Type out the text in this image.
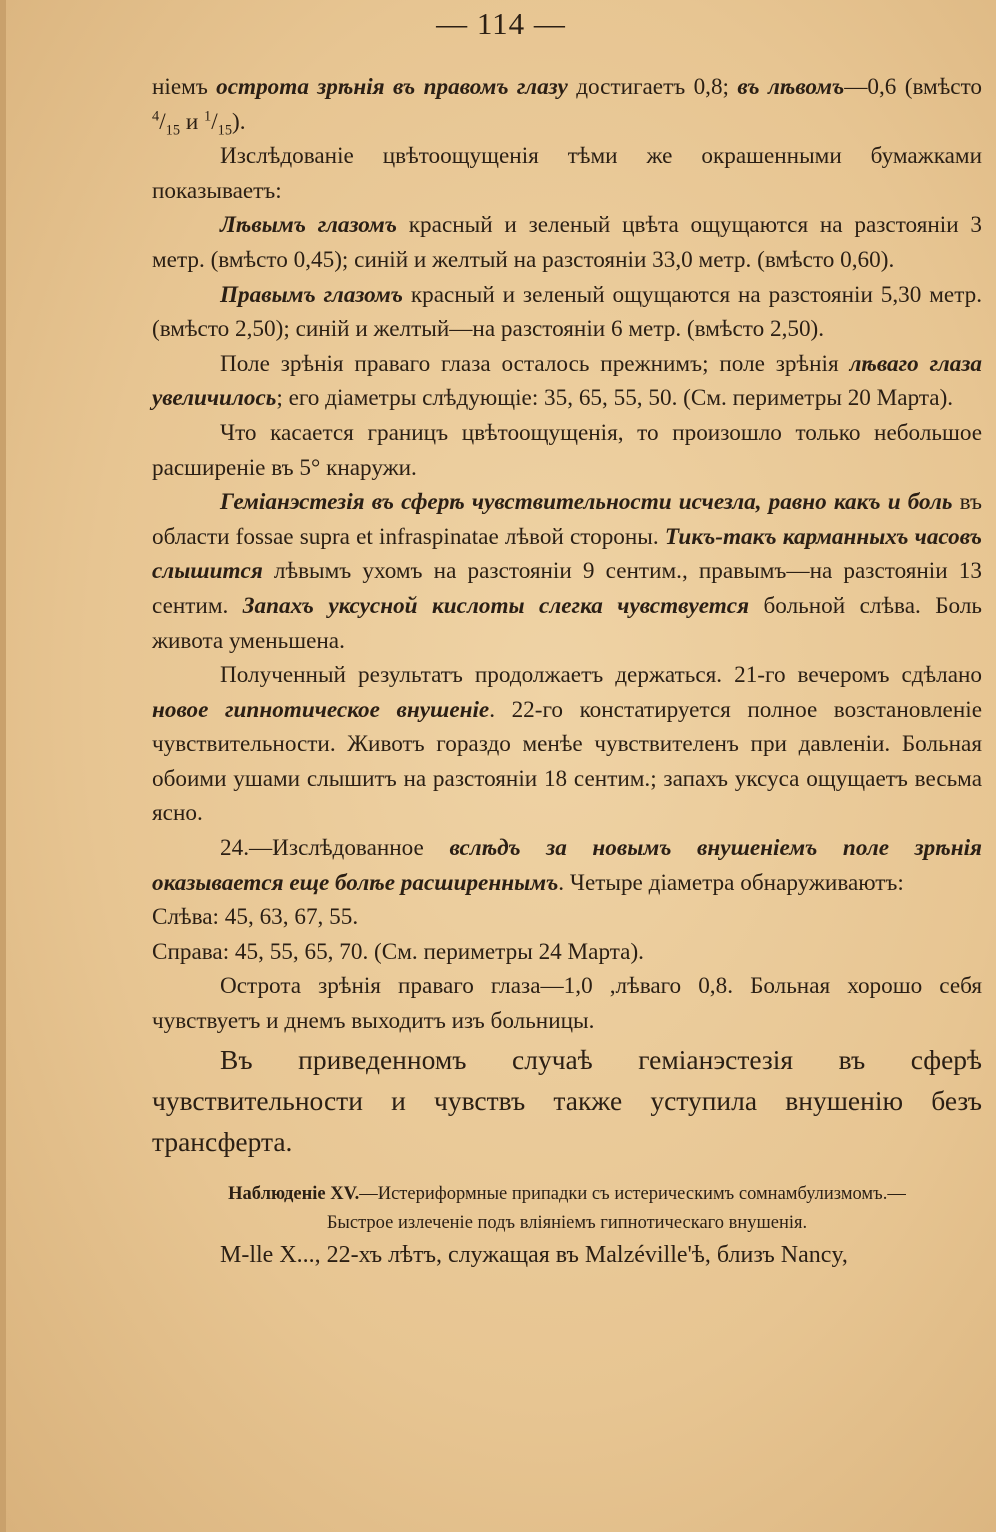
— 114 —

ніемъ острота зрѣнія въ правомъ глазу достигаетъ 0,8; въ лѣвомъ—0,6 (вмѣсто $^4/_{15}$ и $^1/_{15}$).

Изслѣдованіе цвѣтоощущенія тѣми же окрашенными бумажками показываетъ:

Лѣвымъ глазомъ красный и зеленый цвѣта ощущаются на разстояніи 3 метр. (вмѣсто 0,45); синій и желтый на разстояніи 33,0 метр. (вмѣсто 0,60).

Правымъ глазомъ красный и зеленый ощущаются на разстояніи 5,30 метр. (вмѣсто 2,50); синій и желтый—на разстояніи 6 метр. (вмѣсто 2,50).

Поле зрѣнія праваго глаза осталось прежнимъ; поле зрѣнія лѣваго глаза увеличилось; его діаметры слѣдующіе: 35, 65, 55, 50. (См. периметры 20 Марта).

Что касается границъ цвѣтоощущенія, то произошло только небольшое расширеніе въ 5° кнаружи.

Геміанэстезія въ сферѣ чувствительности исчезла, равно какъ и боль въ области fossae supra et infraspinatae лѣвой стороны. Тикъ-такъ карманныхъ часовъ слышится лѣвымъ ухомъ на разстояніи 9 сентим., правымъ—на разстояніи 13 сентим. Запахъ уксусной кислоты слегка чувствуется больной слѣва. Боль живота уменьшена.

Полученный результатъ продолжаетъ держаться. 21-го вечеромъ сдѣлано новое гипнотическое внушеніе. 22-го констатируется полное возстановленіе чувствительности. Животъ гораздо менѣе чувствителенъ при давленіи. Больная обоими ушами слышитъ на разстояніи 18 сентим.; запахъ уксуса ощущаетъ весьма ясно.

24.—Изслѣдованное вслѣдъ за новымъ внушеніемъ поле зрѣнія оказывается еще болѣе расширеннымъ. Четыре діаметра обнаруживаютъ:

Слѣва: 45, 63, 67, 55.

Справа: 45, 55, 65, 70. (См. периметры 24 Марта).

Острота зрѣнія праваго глаза—1,0 ,лѣваго 0,8. Больная хорошо себя чувствуетъ и днемъ выходитъ изъ больницы.

Въ приведенномъ случаѣ геміанэстезія въ сферѣ чувствительности и чувствъ также уступила внушенію безъ трансферта.

Наблюденіе XV.—Истериформные припадки съ истерическимъ сомнамбулизмомъ.—
Быстрое излеченіе подъ вліяніемъ гипнотическаго внушенія.

M-lle X..., 22-хъ лѣтъ, служащая въ Malzéville'ѣ, близъ Nancy,
